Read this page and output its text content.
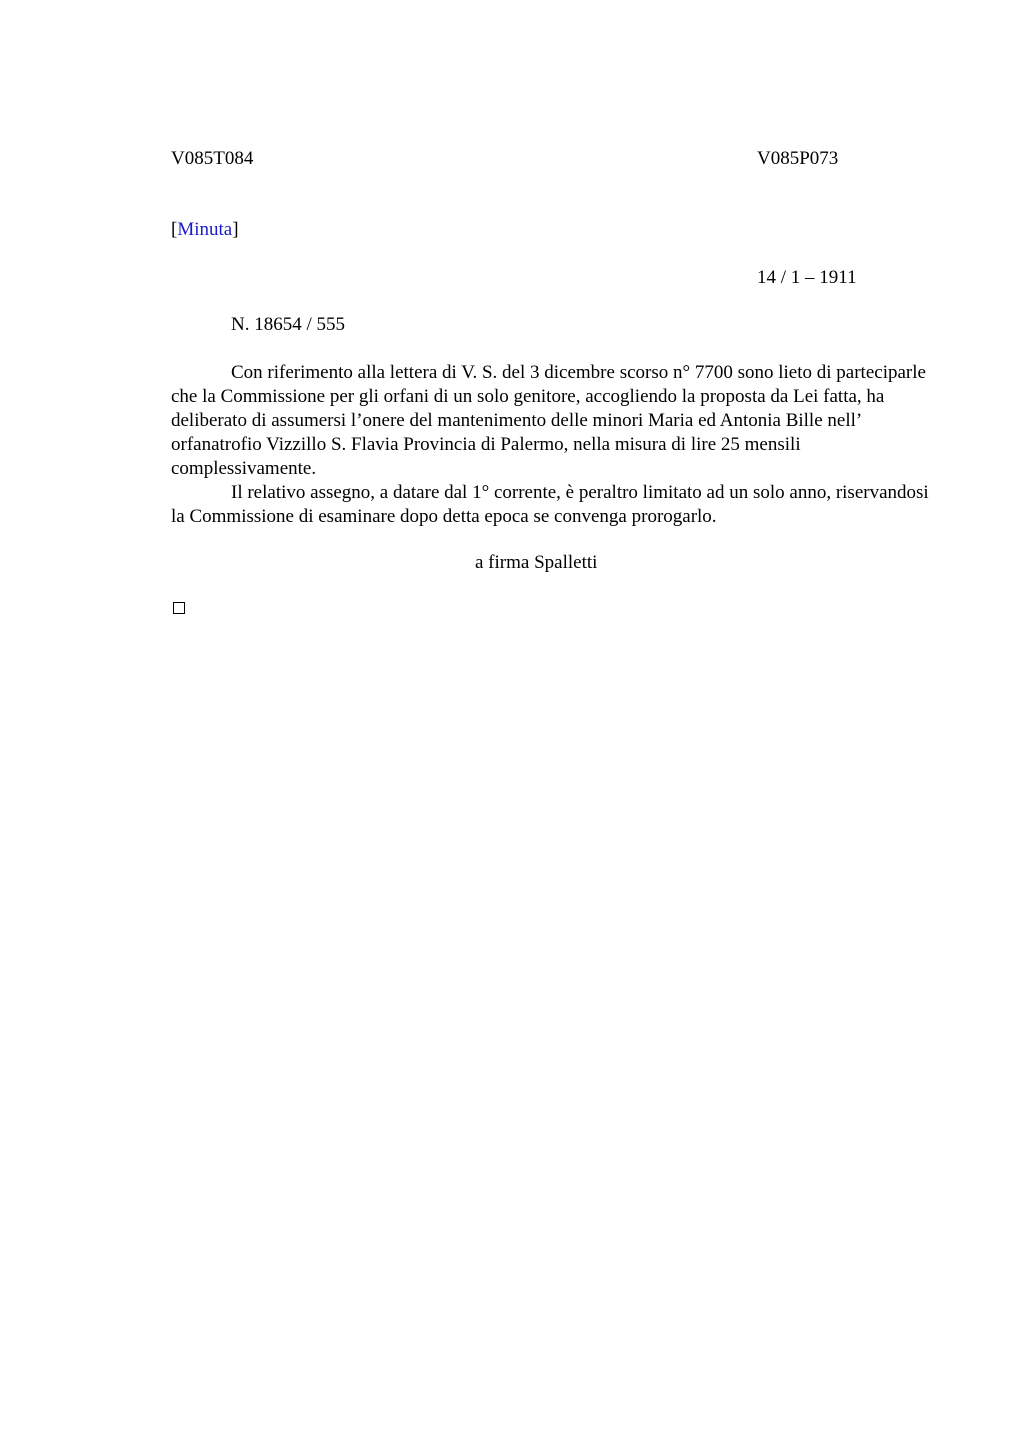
V085T084	V085P073
[Minuta]
14 / 1 – 1911
N. 18654 / 555

Con riferimento alla lettera di V. S. del 3 dicembre scorso n° 7700 sono lieto di parteciparle che la Commissione per gli orfani di un solo genitore, accogliendo la proposta da Lei fatta, ha deliberato di assumersi l’onere del mantenimento delle minori Maria ed Antonia Bille nell’ orfanatrofio Vizzillo S. Flavia Provincia di Palermo, nella misura di lire 25 mensili complessivamente.

Il relativo assegno, a datare dal 1° corrente, è peraltro limitato ad un solo anno, riservandosi la Commissione di esaminare dopo detta epoca se convenga prorogarlo.

a firma Spalletti
